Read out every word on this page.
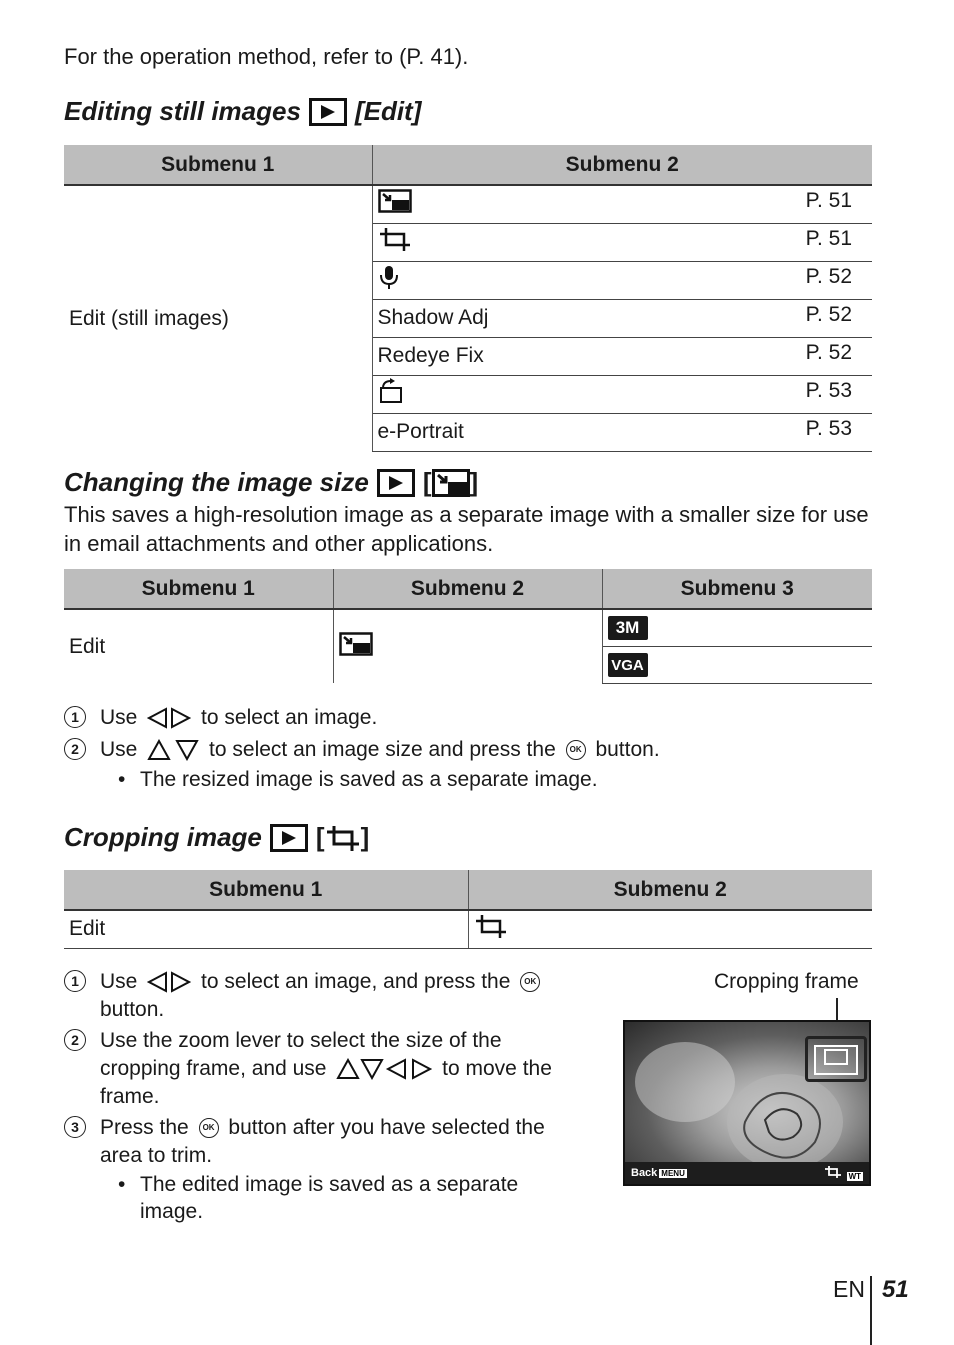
For the operation method, refer to (P. 41).
Editing still images [Edit]
Submenu 1	Submenu 2
Edit (still images)	P. 51

	P. 51

	P. 52

	Shadow Adj P. 52

	Redeye Fix P. 52

	P. 53

	e-Portrait P. 53
Changing the image size [ ]
This saves a high-resolution image as a separate image with a smaller size for use in email attachments and other applications.
Submenu 1	Submenu 2	Submenu 3
Edit		3M
		VGA
1	Use	to select an image.
2	Use	to select an image size and press the OK button.
• The resized image is saved as a separate image.
Cropping image [ ]
Submenu 1	Submenu 2
Edit	
1	Use	to select an image, and press the OK button.
2	Use the zoom lever to select the size of the cropping frame, and use	to move the frame.
3	Press the OK button after you have selected the area to trim.
• The edited image is saved as a separate image.
Cropping frame
Back MENU	WT
EN 51
